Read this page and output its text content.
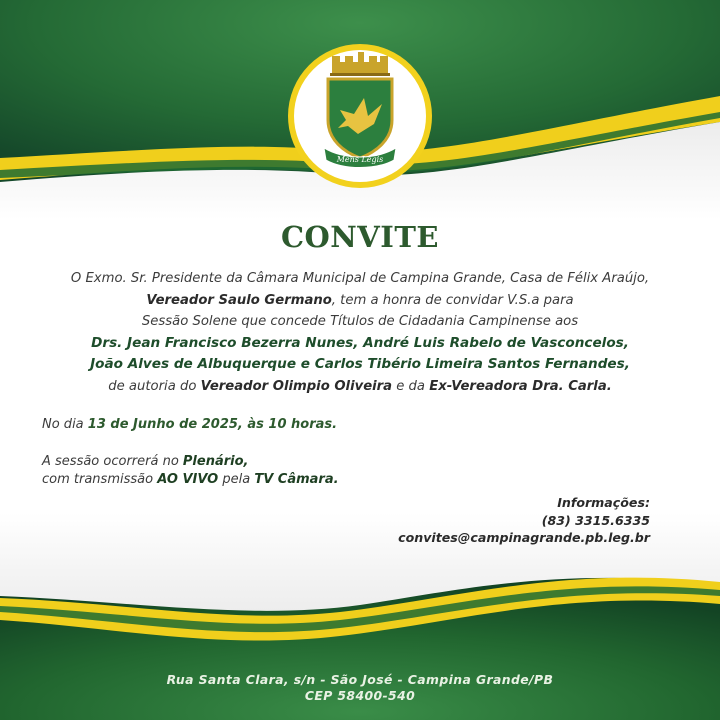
Mens Legis
CONVITE
O Exmo. Sr. Presidente da Câmara Municipal de Campina Grande, Casa de Félix Araújo,
Vereador Saulo Germano, tem a honra de convidar V.S.a para
Sessão Solene que concede Títulos de Cidadania Campinense aos
Drs. Jean Francisco Bezerra Nunes, André Luis Rabelo de Vasconcelos,
João Alves de Albuquerque e Carlos Tibério Limeira Santos Fernandes,
de autoria do Vereador Olimpio Oliveira e da Ex-Vereadora Dra. Carla.
No dia 13 de Junho de 2025, às 10 horas.
A sessão ocorrerá no Plenário,
com transmissão AO VIVO pela TV Câmara.
Informações:
(83) 3315.6335
convites@campinagrande.pb.leg.br
Rua Santa Clara, s/n - São José - Campina Grande/PB
CEP 58400-540
